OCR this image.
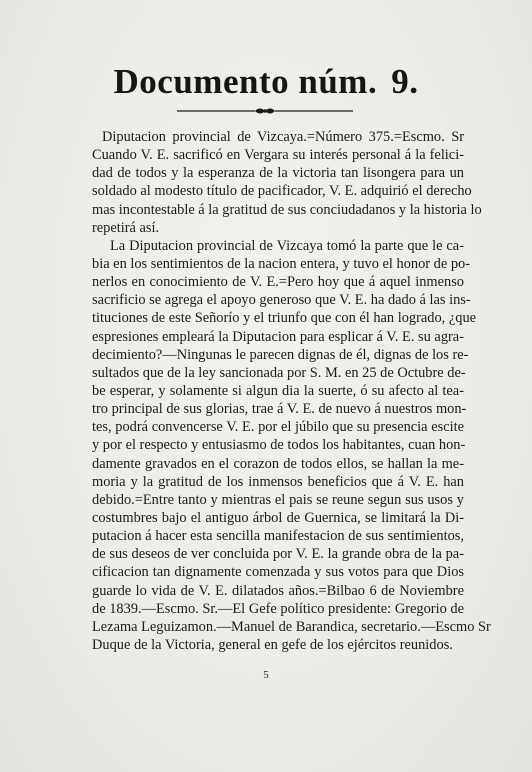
Documento núm. 9.
Diputacion provincial de Vizcaya.=Número 375.=Escmo. Sr
Cuando V. E. sacrificó en Vergara su interés personal á la felici-
dad de todos y la esperanza de la victoria tan lisongera para un
soldado al modesto título de pacificador, V. E. adquirió el derecho
mas incontestable á la gratitud de sus conciudadanos y la historia lo
repetirá así.
La Diputacion provincial de Vizcaya tomó la parte que le ca-
bia en los sentimientos de la nacion entera, y tuvo el honor de po-
nerlos en conocimiento de V. E.=Pero hoy que á aquel inmenso
sacrificio se agrega el apoyo generoso que V. E. ha dado á las ins-
tituciones de este Señorío y el triunfo que con él han logrado, ¿que
espresiones empleará la Diputacion para esplicar á V. E. su agra-
decimiento?—Ningunas le parecen dignas de él, dignas de los re-
sultados que de la ley sancionada por S. M. en 25 de Octubre de-
be esperar, y solamente si algun dia la suerte, ó su afecto al tea-
tro principal de sus glorias, trae á V. E. de nuevo á nuestros mon-
tes, podrá convencerse V. E. por el júbilo que su presencia escite
y por el respecto y entusiasmo de todos los habitantes, cuan hon-
damente gravados en el corazon de todos ellos, se hallan la me-
moria y la gratitud de los inmensos beneficios que á V. E. han
debido.=Entre tanto y mientras el pais se reune segun sus usos y
costumbres bajo el antiguo árbol de Guernica, se limitará la Di-
putacion á hacer esta sencilla manifestacion de sus sentimientos,
de sus deseos de ver concluida por V. E. la grande obra de la pa-
cificacion tan dignamente comenzada y sus votos para que Dios
guarde lo vida de V. E. dilatados años.=Bilbao 6 de Noviembre
de 1839.—Escmo. Sr.—El Gefe político presidente: Gregorio de
Lezama Leguizamon.—Manuel de Barandica, secretario.—Escmo Sr
Duque de la Victoria, general en gefe de los ejércitos reunidos.
5
